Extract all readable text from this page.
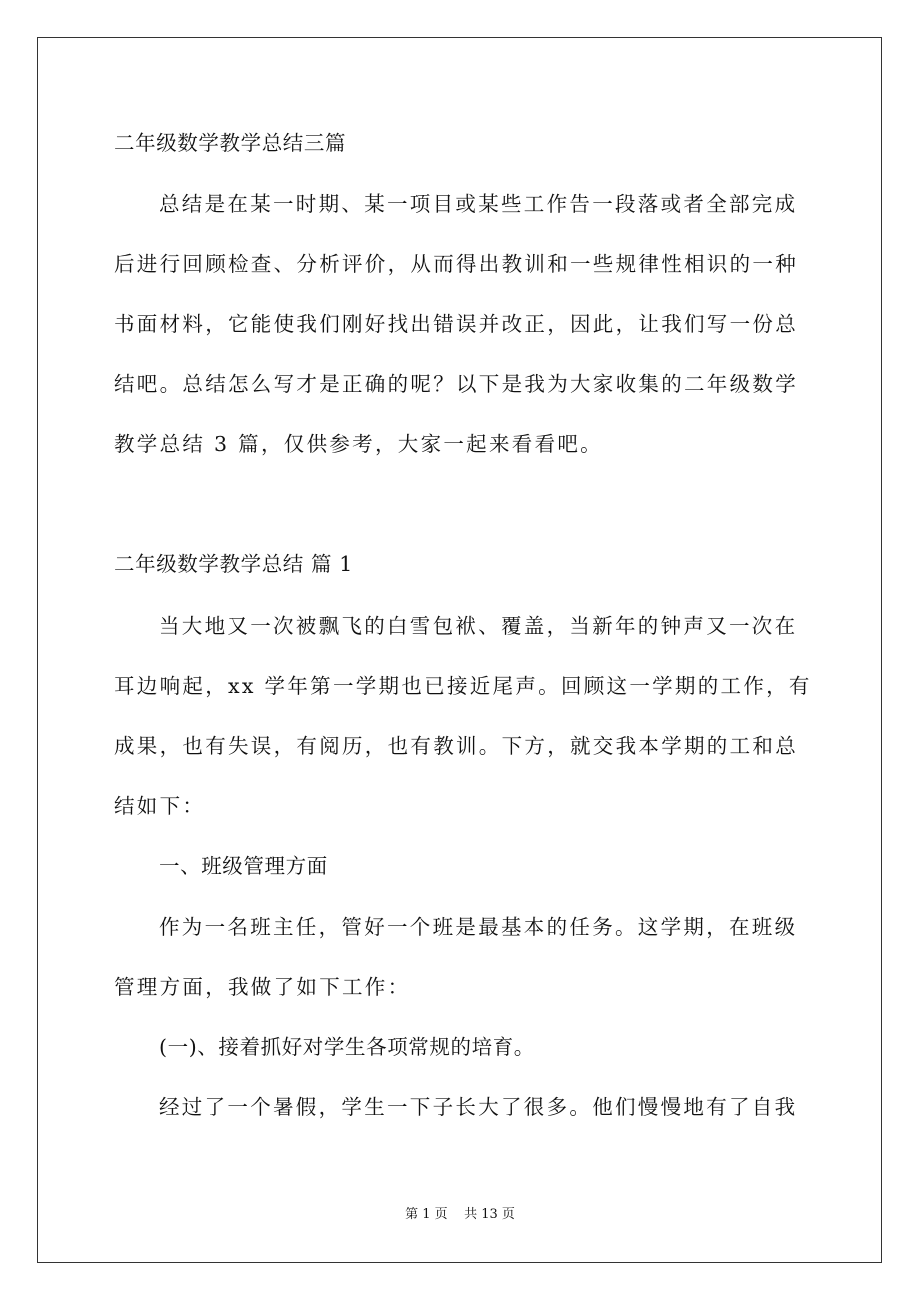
二年级数学教学总结三篇
总结是在某一时期、某一项目或某些工作告一段落或者全部完成
后进行回顾检查、分析评价，从而得出教训和一些规律性相识的一种
书面材料，它能使我们刚好找出错误并改正，因此，让我们写一份总
结吧。总结怎么写才是正确的呢？以下是我为大家收集的二年级数学
教学总结 3 篇，仅供参考，大家一起来看看吧。
二年级数学教学总结 篇 1
当大地又一次被飘飞的白雪包袱、覆盖，当新年的钟声又一次在
耳边响起，xx 学年第一学期也已接近尾声。回顾这一学期的工作，有
成果，也有失误，有阅历，也有教训。下方，就交我本学期的工和总
结如下：
一、班级管理方面
作为一名班主任，管好一个班是最基本的任务。这学期，在班级
管理方面，我做了如下工作：
(一)、接着抓好对学生各项常规的培育。
经过了一个暑假，学生一下子长大了很多。他们慢慢地有了自我
第 1 页    共 13 页
